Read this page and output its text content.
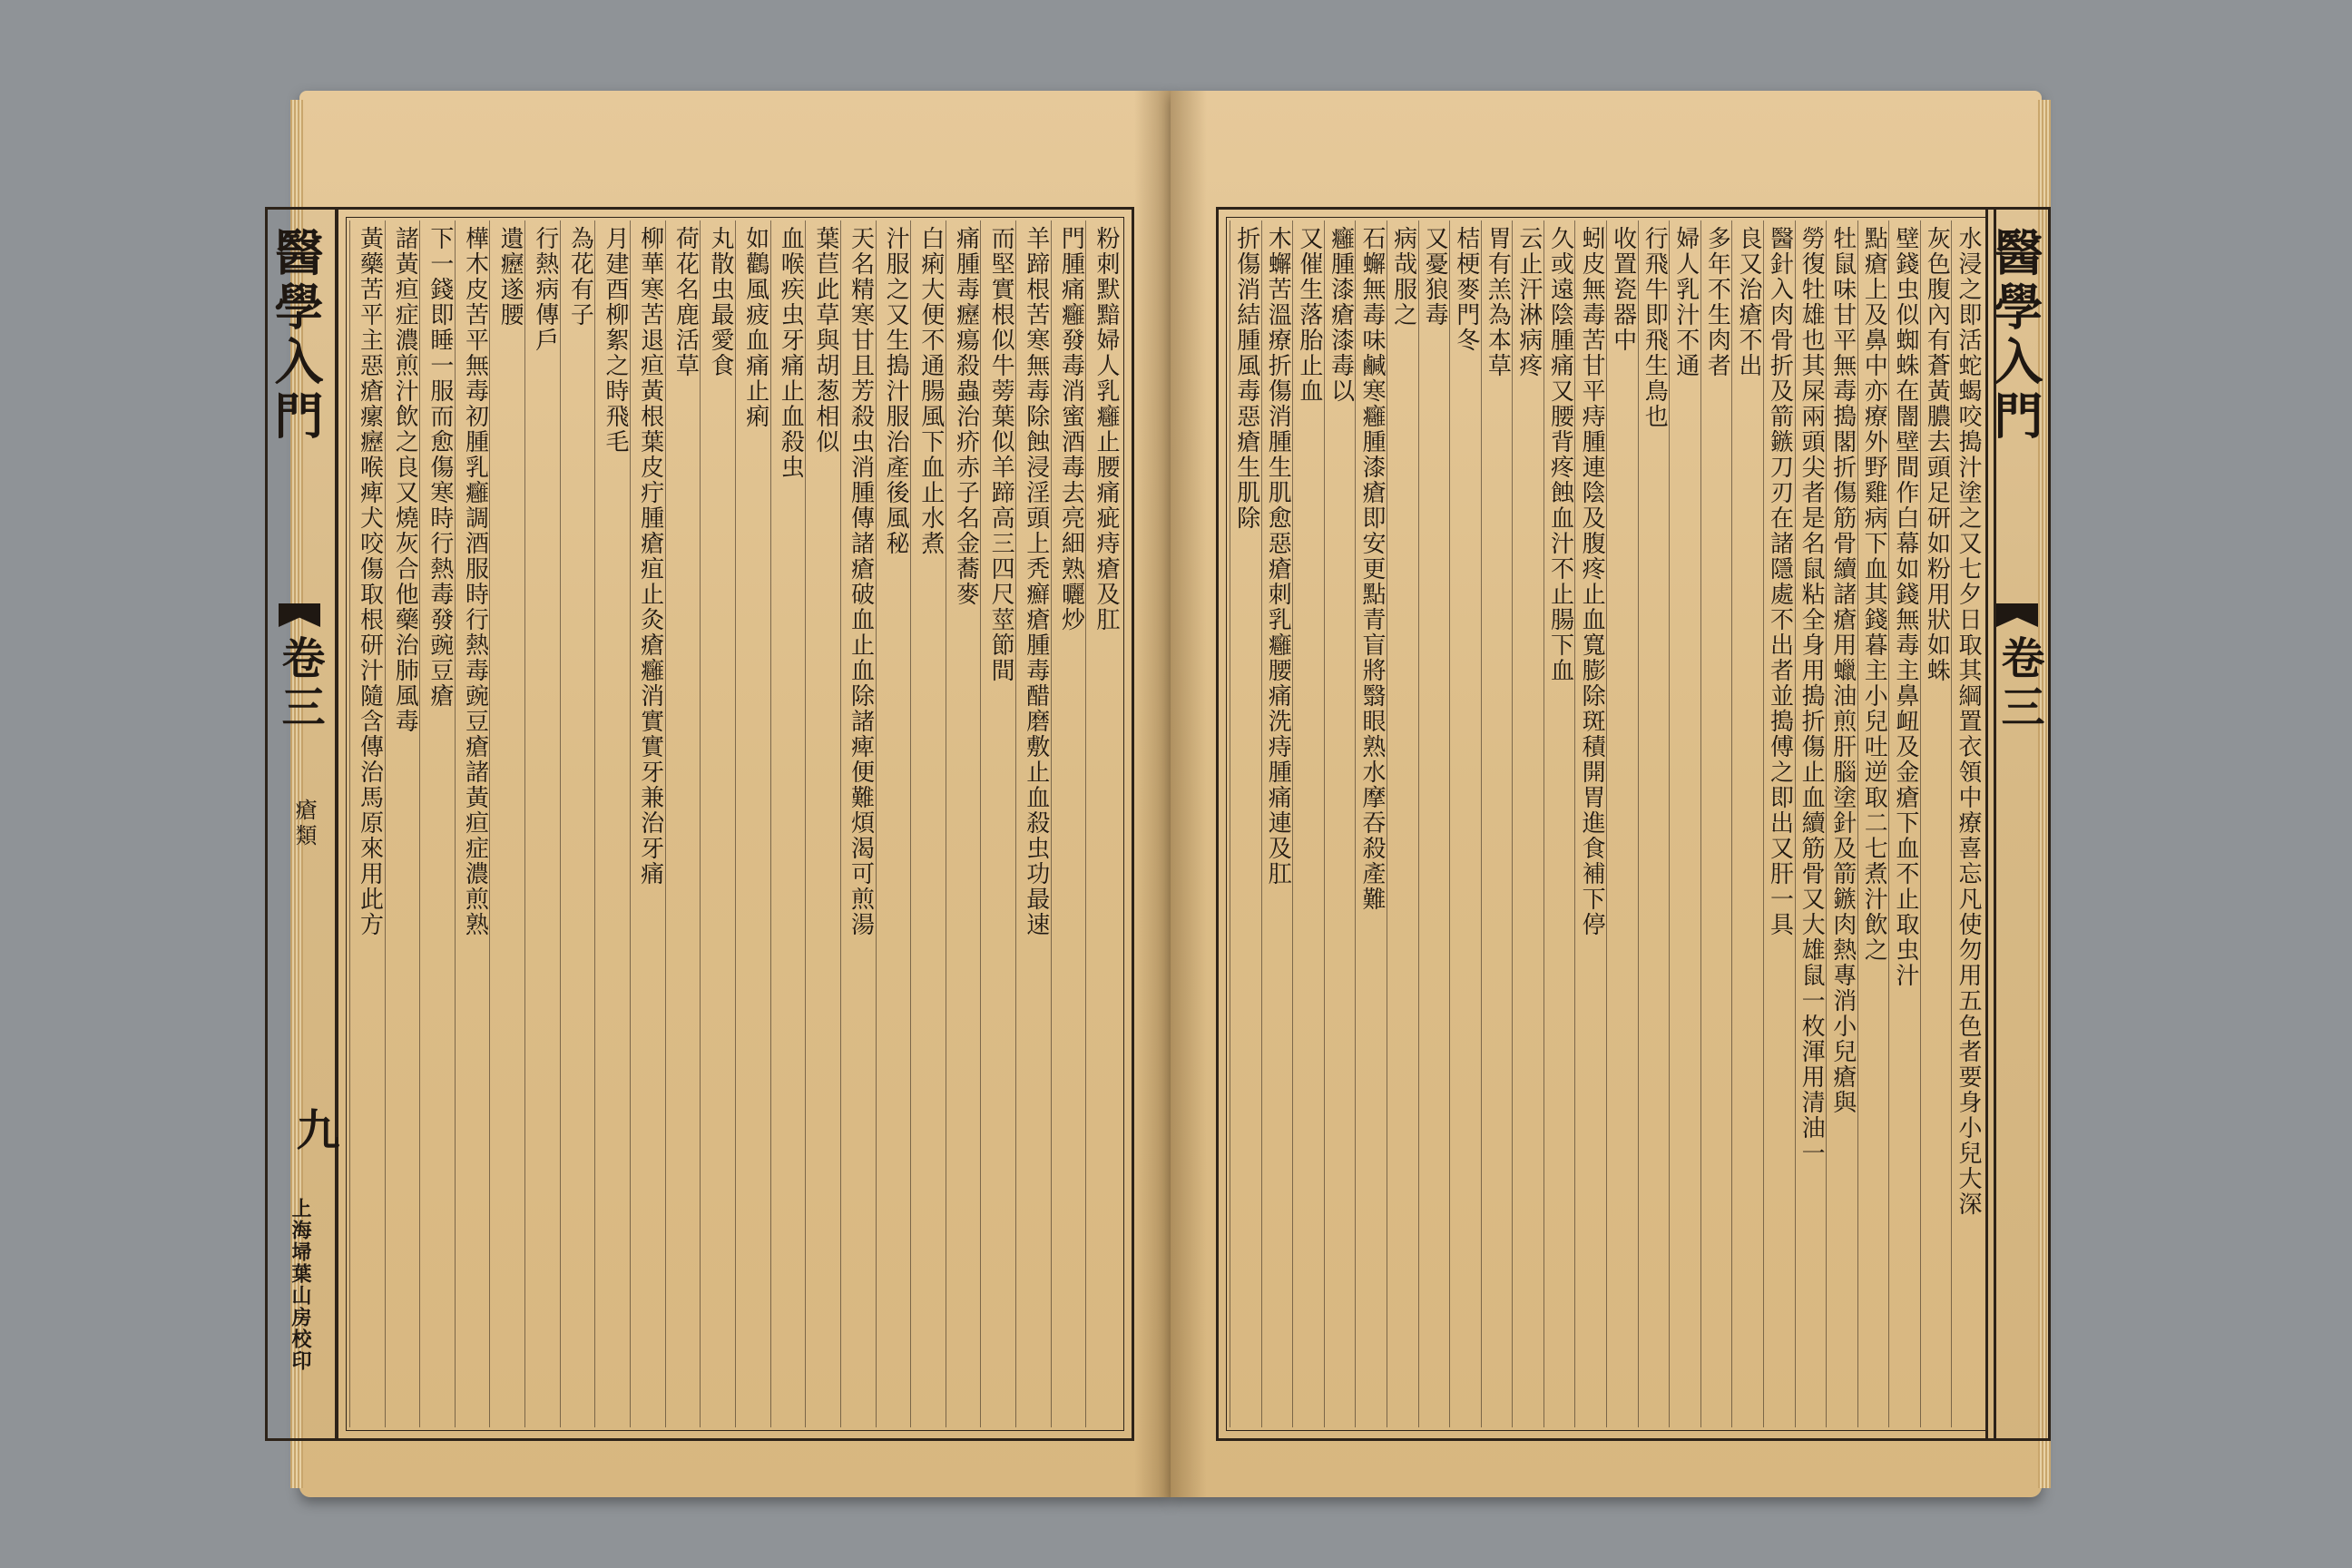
粉刺默黯婦人乳癰止腰痛疵痔瘡及肛
門腫痛癰發毒消蜜酒毒去亮細熟曬炒
羊蹄根苦寒無毒除蝕浸淫頭上秃癬瘡腫毒醋磨敷止血殺虫功最速
而堅實根似牛蒡葉似羊蹄高三四尺莖節間
痛腫毒癧瘍殺蟲治疥赤子名金蕎麥
白痢大便不通腸風下血止水煮
汁服之又生搗汁服治產後風秘
天名精寒甘且芳殺虫消腫傳諸瘡破血止血除諸痺便難煩渴可煎湯
葉苣此草與胡葱相似
血喉疾虫牙痛止血殺虫
如鸛風疲血痛止痢
丸散虫最愛食
荷花名鹿活草
柳華寒苦退疸黃根葉皮疔腫瘡疽止灸瘡癰消實實牙兼治牙痛
月建酉柳絮之時飛毛
為花有子
行熱病傳戶
遺癧遂腰
樺木皮苦平無毒初腫乳癰調酒服時行熱毒豌豆瘡諸黃疸症濃煎熟
下一錢即睡一服而愈傷寒時行熱毒發豌豆瘡
諸黃疸症濃煎汁飲之良又燒灰合他藥治肺風毒
黃藥苦平主惡瘡瘰癧喉痺犬咬傷取根研汁隨含傳治馬原來用此方
醫學入門
卷三
瘡類
九
上海埽葉山房校印
水浸之即活蛇蝎咬搗汁塗之又七夕日取其綱置衣領中療喜忘凡使勿用五色者要身小兒大深
灰色腹內有蒼黃膿去頭足研如粉用狀如蛛
壁錢虫似蜘蛛在闇壁間作白幕如錢無毒主鼻衄及金瘡下血不止取虫汁
點瘡上及鼻中亦療外野雞病下血其錢暮主小兒吐逆取二七煮汁飲之
牡鼠味甘平無毒搗閣折傷筋骨續諸瘡用蠟油煎肝腦塗針及箭鏃肉熱專消小兒瘡與
勞復牡雄也其屎兩頭尖者是名鼠粘全身用搗折傷止血續筋骨又大雄鼠一枚渾用清油一
醫針入肉骨折及箭鏃刀刃在諸隱處不出者並搗傅之即出又肝一具
良又治瘡不出
多年不生肉者
婦人乳汁不通
行飛牛即飛生鳥也
收置瓷器中
蚓皮無毒苦甘平痔腫連陰及腹疼止血寬膨除斑積開胃進食補下停
久或遠陰腫痛又腰背疼蝕血汁不止腸下血
云止汗淋病疼
胃有羔為本草
桔梗麥門冬
又憂狼毒
病哉服之
石蠏無毒味鹹寒癰腫漆瘡即安更點青盲將翳眼熟水摩吞殺產難
癰腫漆瘡漆毒以
又催生落胎止血
木蠏苦溫療折傷消腫生肌愈惡瘡刺乳癰腰痛洗痔腫痛連及肛
折傷消結腫風毒惡瘡生肌除	醫學入門
卷三
